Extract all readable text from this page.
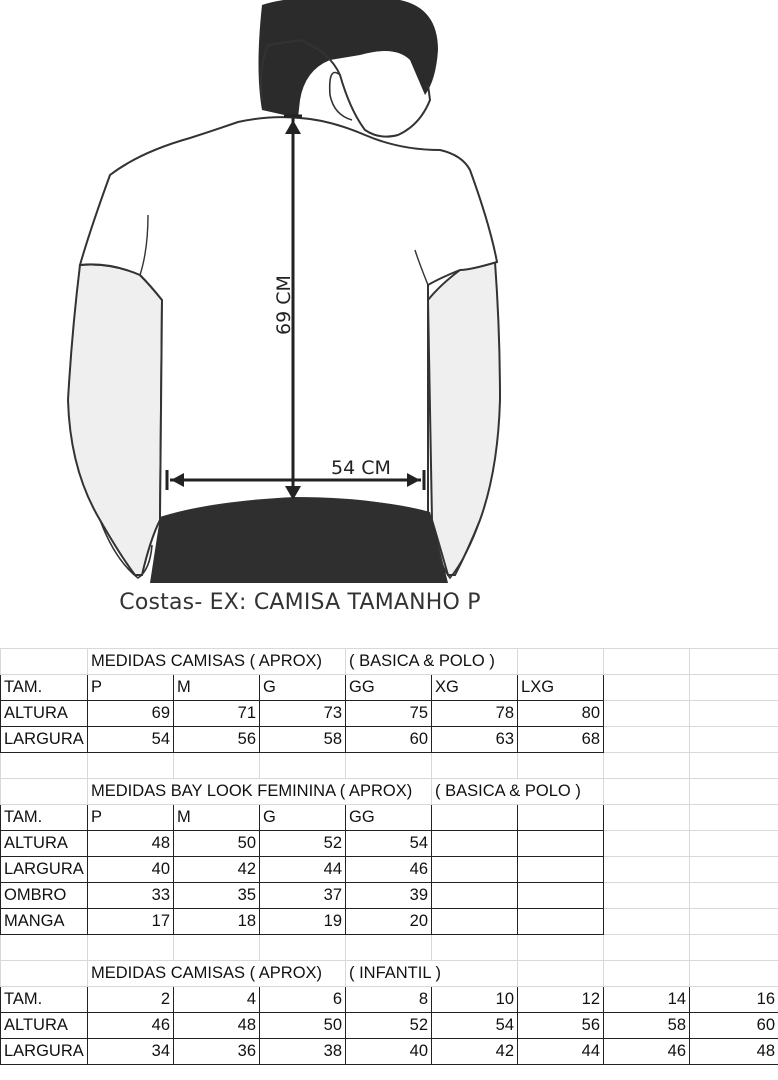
69 CM
54 CM
Costas- EX: CAMISA TAMANHO P
	MEDIDAS CAMISAS ( APROX)			( BASICA & POLO )				
TAM.	P	M	G	GG	XG	LXG		
ALTURA	69	71	73	75	78	80		
LARGURA	54	56	58	60	63	68		

	MEDIDAS BAY LOOK FEMININA ( APROX)				( BASICA & POLO )			
TAM.	P	M	G	GG				
ALTURA	48	50	52	54				
LARGURA	40	42	44	46				
OMBRO	33	35	37	39				
MANGA	17	18	19	20				

	MEDIDAS CAMISAS ( APROX)			( INFANTIL )				
TAM.	2	4	6	8	10	12	14	16
ALTURA	46	48	50	52	54	56	58	60
LARGURA	34	36	38	40	42	44	46	48
